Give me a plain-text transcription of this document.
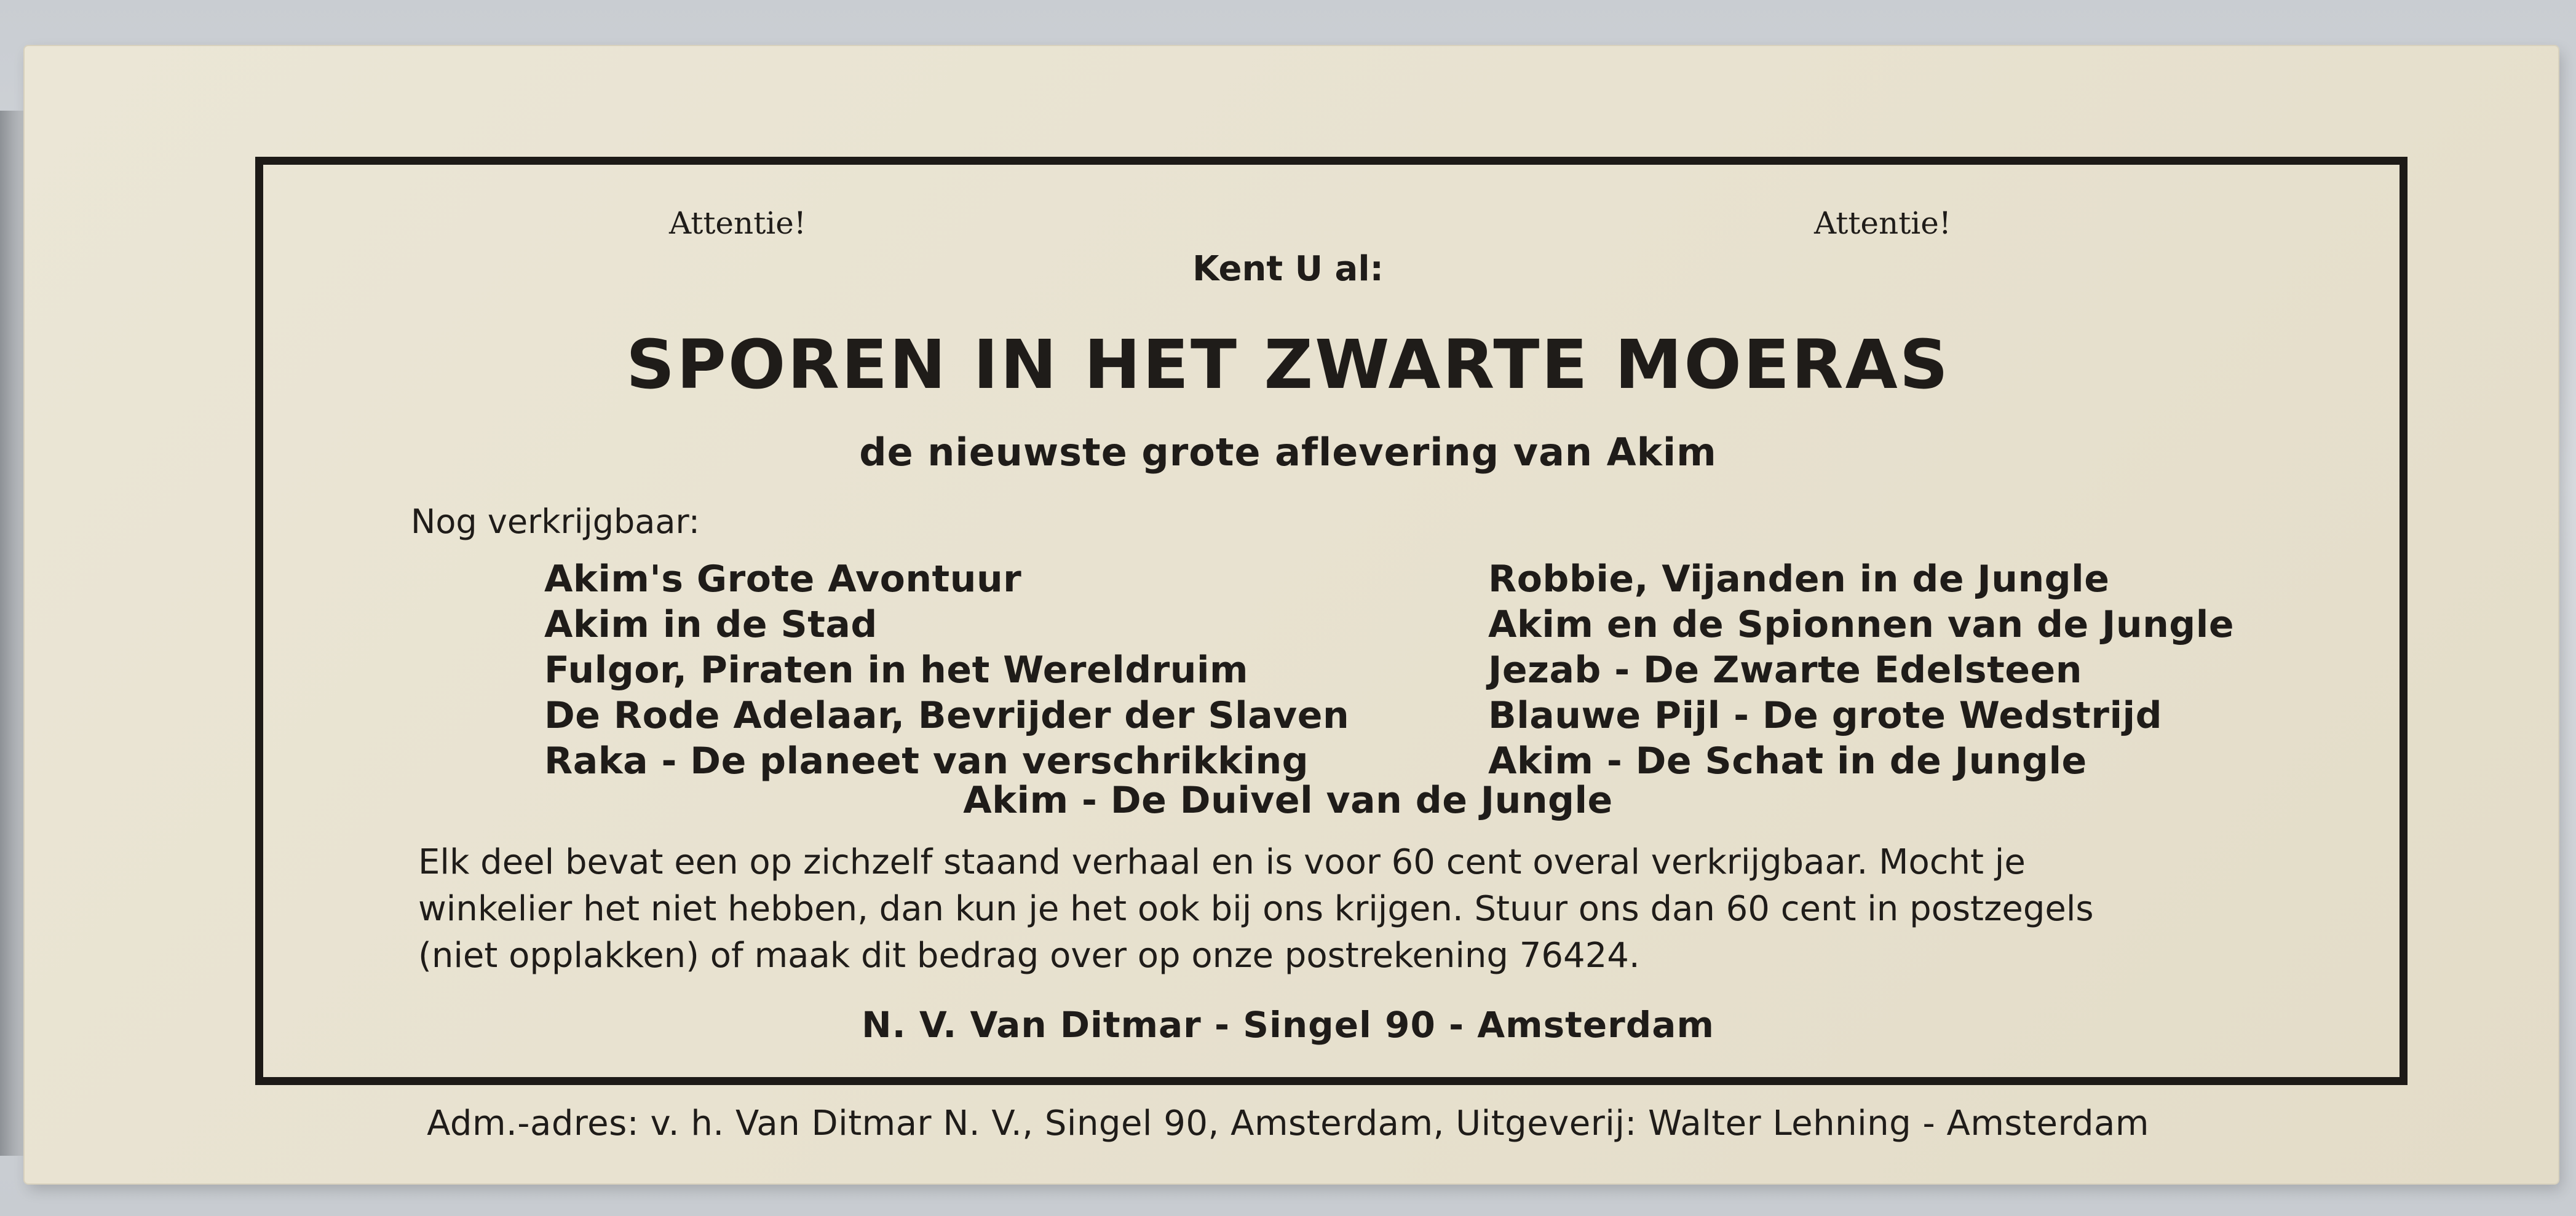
Attentie!	Attentie!
Kent U al:
SPOREN IN HET ZWARTE MOERAS
de nieuwste grote aflevering van Akim
Nog verkrijgbaar:
Akim's Grote Avontuur
Akim in de Stad
Fulgor, Piraten in het Wereldruim
De Rode Adelaar, Bevrijder der Slaven
Raka - De planeet van verschrikking
Robbie, Vijanden in de Jungle
Akim en de Spionnen van de Jungle
Jezab - De Zwarte Edelsteen
Blauwe Pijl - De grote Wedstrijd
Akim - De Schat in de Jungle
Akim - De Duivel van de Jungle
Elk deel bevat een op zichzelf staand verhaal en is voor 60 cent overal verkrijgbaar. Mocht je
winkelier het niet hebben, dan kun je het ook bij ons krijgen. Stuur ons dan 60 cent in postzegels
(niet opplakken) of maak dit bedrag over op onze postrekening 76424.
N. V. Van Ditmar - Singel 90 - Amsterdam
Adm.-adres: v. h. Van Ditmar N. V., Singel 90, Amsterdam, Uitgeverij: Walter Lehning - Amsterdam
